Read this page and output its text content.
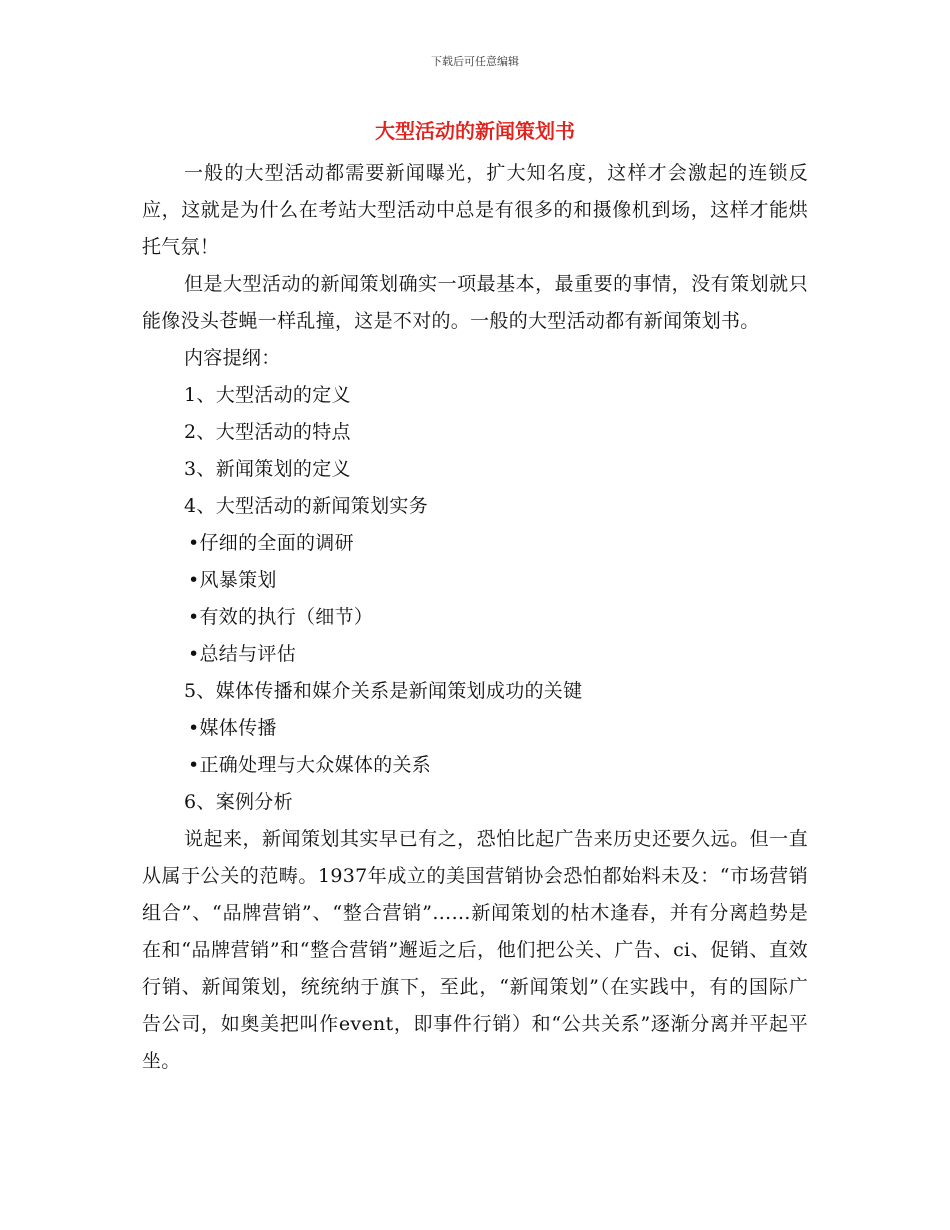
下载后可任意编辑
大型活动的新闻策划书

一般的大型活动都需要新闻曝光，扩大知名度，这样才会激起的连锁反应，这就是为什么在考站大型活动中总是有很多的和摄像机到场，这样才能烘托气氛！

但是大型活动的新闻策划确实一项最基本，最重要的事情，没有策划就只能像没头苍蝇一样乱撞，这是不对的。一般的大型活动都有新闻策划书。

内容提纲：

1、大型活动的定义

2、大型活动的特点

3、新闻策划的定义

4、大型活动的新闻策划实务

•仔细的全面的调研

•风暴策划

•有效的执行（细节）

•总结与评估

5、媒体传播和媒介关系是新闻策划成功的关键

•媒体传播

•正确处理与大众媒体的关系

6、案例分析

说起来，新闻策划其实早已有之，恐怕比起广告来历史还要久远。但一直从属于公关的范畴。1937年成立的美国营销协会恐怕都始料未及：“市场营销组合”、“品牌营销”、“整合营销”……新闻策划的枯木逢春，并有分离趋势是在和“品牌营销”和“整合营销”邂逅之后，他们把公关、广告、ci、促销、直效行销、新闻策划，统统纳于旗下，至此，“新闻策划”（在实践中，有的国际广告公司，如奥美把叫作event，即事件行销）和“公共关系”逐渐分离并平起平坐。
